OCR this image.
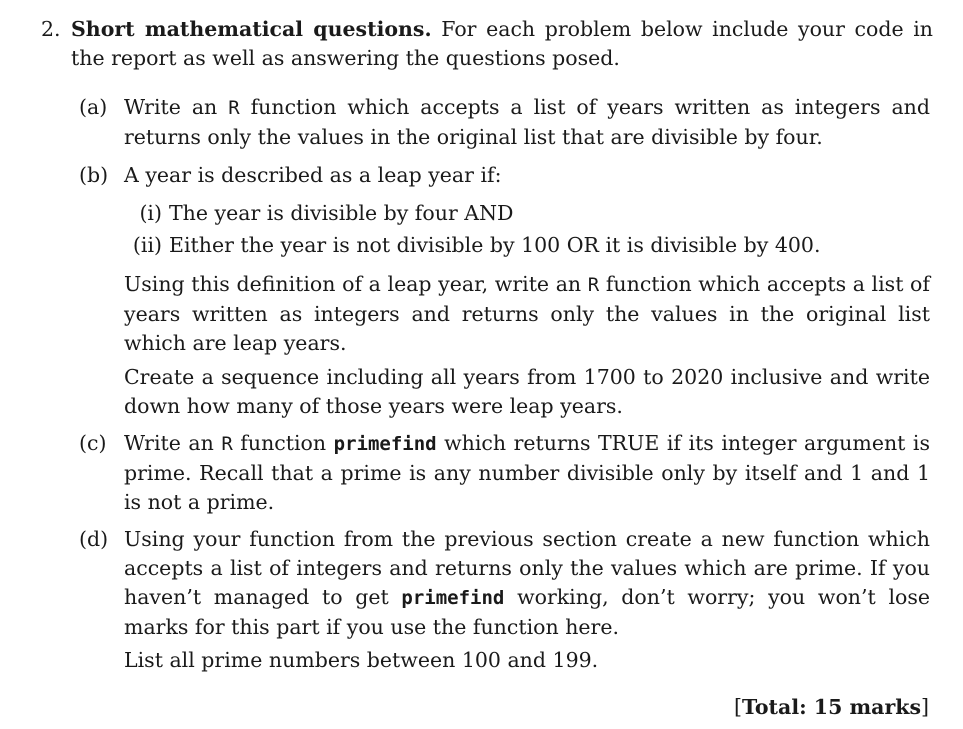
2. Short mathematical questions. For each problem below include your code in the report as well as answering the questions posed.
(a) Write an R function which accepts a list of years written as integers and returns only the values in the original list that are divisible by four.
(b) A year is described as a leap year if:
(i) The year is divisible by four AND
(ii) Either the year is not divisible by 100 OR it is divisible by 400.
Using this definition of a leap year, write an R function which accepts a list of years written as integers and returns only the values in the original list which are leap years.
Create a sequence including all years from 1700 to 2020 inclusive and write down how many of those years were leap years.
(c) Write an R function primefind which returns TRUE if its integer argument is prime. Recall that a prime is any number divisible only by itself and 1 and 1 is not a prime.
(d) Using your function from the previous section create a new function which accepts a list of integers and returns only the values which are prime. If you haven’t managed to get primefind working, don’t worry; you won’t lose marks for this part if you use the function here.
List all prime numbers between 100 and 199.
[Total: 15 marks]
